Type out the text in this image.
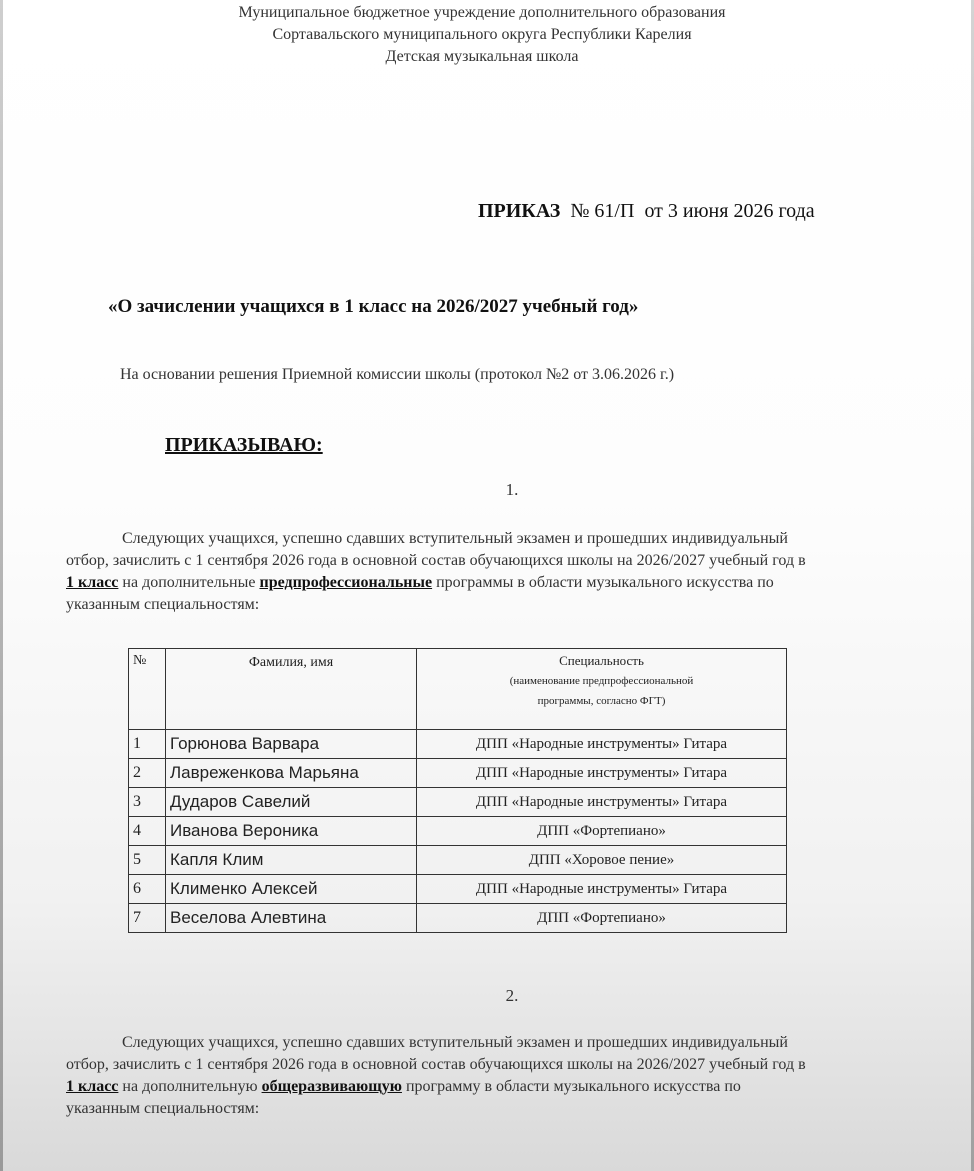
Муниципальное бюджетное учреждение дополнительного образования
Сортавальского муниципального округа Республики Карелия
Детская музыкальная школа
ПРИКАЗ № 61/П от 3 июня 2026 года
«О зачислении учащихся в 1 класс на 2026/2027 учебный год»
На основании решения Приемной комиссии школы (протокол №2 от 3.06.2026 г.)
ПРИКАЗЫВАЮ:
1.
Следующих учащихся, успешно сдавших вступительный экзамен и прошедших индивидуальный отбор, зачислить с 1 сентября 2026 года в основной состав обучающихся школы на 2026/2027 учебный год в 1 класс на дополнительные предпрофессиональные программы в области музыкального искусства по указанным специальностям:
№	Фамилия, имя	Специальность
(наименование предпрофессиональной
программы, согласно ФГТ)

1	Горюнова Варвара	ДПП «Народные инструменты» Гитара
2	Лавреженкова Марьяна	ДПП «Народные инструменты» Гитара
3	Дударов Савелий	ДПП «Народные инструменты» Гитара
4	Иванова Вероника	ДПП «Фортепиано»
5	Капля Клим	ДПП «Хоровое пение»
6	Клименко Алексей	ДПП «Народные инструменты» Гитара
7	Веселова Алевтина	ДПП «Фортепиано»
2.
Следующих учащихся, успешно сдавших вступительный экзамен и прошедших индивидуальный отбор, зачислить с 1 сентября 2026 года в основной состав обучающихся школы на 2026/2027 учебный год в 1 класс на дополнительную общеразвивающую программу в области музыкального искусства по указанным специальностям:
